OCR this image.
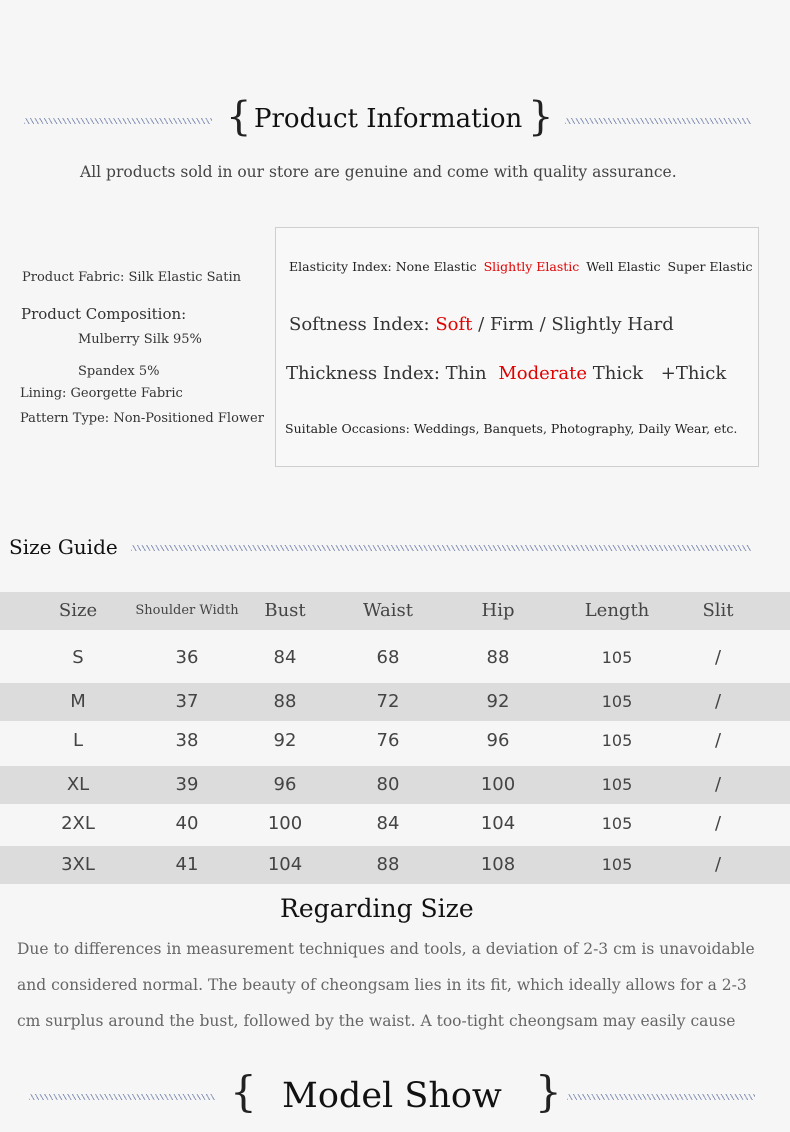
{ Product Information }
All products sold in our store are genuine and come with quality assurance.
Product Fabric: Silk Elastic Satin
Product Composition:
Mulberry Silk 95%
Spandex 5%
Lining: Georgette Fabric
Pattern Type: Non-Positioned Flower
Elasticity Index: None Elastic Slightly Elastic Well Elastic Super Elastic
Softness Index: Soft / Firm / Slightly Hard
Thickness Index: Thin Moderate Thick +Thick
Suitable Occasions: Weddings, Banquets, Photography, Daily Wear, etc.
Size Guide
Size	Shoulder Width	Bust	Waist	Hip	Length	Slit
S	36	84	68	88	105	/
M	37	88	72	92	105	/
L	38	92	76	96	105	/
XL	39	96	80	100	105	/
2XL	40	100	84	104	105	/
3XL	41	104	88	108	105	/
Regarding Size
Due to differences in measurement techniques and tools, a deviation of 2-3 cm is unavoidable
and considered normal. The beauty of cheongsam lies in its fit, which ideally allows for a 2-3
cm surplus around the bust, followed by the waist. A too-tight cheongsam may easily cause
{ Model Show }
